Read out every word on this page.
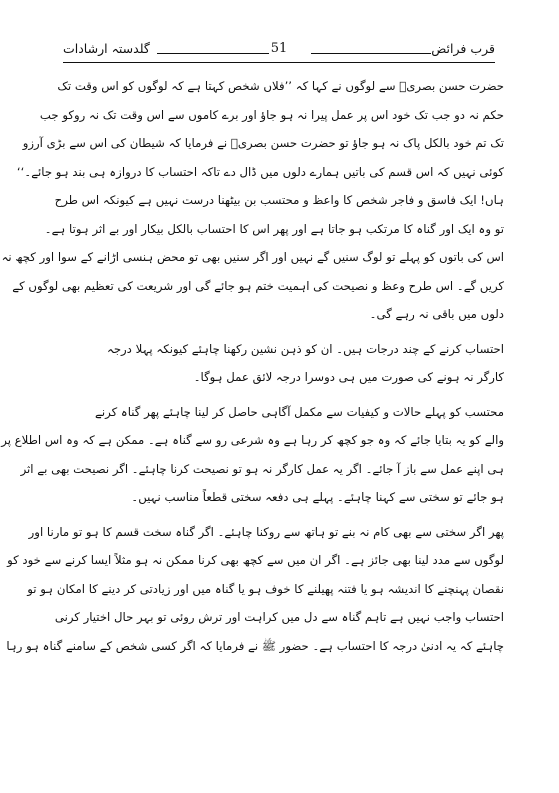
قرب فرائض
51
گلدستہ ارشادات
حضرت حسن بصریؒ سے لوگوں نے کہا کہ ’’فلاں شخص کہتا ہے کہ لوگوں کو اس وقت تک
حکم نہ دو جب تک خود اس پر عمل پیرا نہ ہو جاؤ اور برے کاموں سے اس وقت تک نہ روکو جب
تک تم خود بالکل پاک نہ ہو جاؤ تو حضرت حسن بصریؒ نے فرمایا کہ شیطان کی اس سے بڑی آرزو
کوئی نہیں کہ اس قسم کی باتیں ہمارے دلوں میں ڈال دے تاکہ احتساب کا دروازہ ہی بند ہو جائے۔‘‘
ہاں! ایک فاسق و فاجر شخص کا واعظ و محتسب بن بیٹھنا درست نہیں ہے کیونکہ اس طرح
تو وہ ایک اور گناہ کا مرتکب ہو جاتا ہے اور پھر اس کا احتساب بالکل بیکار اور بے اثر ہوتا ہے۔
اس کی باتوں کو پہلے تو لوگ سنیں گے نہیں اور اگر سنیں بھی تو محض ہنسی اڑانے کے سوا اور کچھ نہ
کریں گے۔ اس طرح وعظ و نصیحت کی اہمیت ختم ہو جائے گی اور شریعت کی تعظیم بھی لوگوں کے
دلوں میں باقی نہ رہے گی۔
احتساب کرنے کے چند درجات ہیں۔ ان کو ذہن نشین رکھنا چاہئے کیونکہ پہلا درجہ
کارگر نہ ہونے کی صورت میں ہی دوسرا درجہ لائق عمل ہوگا۔
محتسب کو پہلے حالات و کیفیات سے مکمل آگاہی حاصل کر لینا چاہئے پھر گناہ کرنے
والے کو یہ بتایا جائے کہ وہ جو کچھ کر رہا ہے وہ شرعی رو سے گناہ ہے۔ ممکن ہے کہ وہ اس اطلاع پر
ہی اپنے عمل سے باز آ جائے۔ اگر یہ عمل کارگر نہ ہو تو نصیحت کرنا چاہئے۔ اگر نصیحت بھی بے اثر
ہو جائے تو سختی سے کہنا چاہئے۔ پہلے ہی دفعہ سختی قطعاً مناسب نہیں۔
پھر اگر سختی سے بھی کام نہ بنے تو ہاتھ سے روکنا چاہئے۔ اگر گناہ سخت قسم کا ہو تو مارنا اور
لوگوں سے مدد لینا بھی جائز ہے۔ اگر ان میں سے کچھ بھی کرنا ممکن نہ ہو مثلاً ایسا کرنے سے خود کو
نقصان پہنچنے کا اندیشہ ہو یا فتنہ پھیلنے کا خوف ہو یا گناہ میں اور زیادتی کر دینے کا امکان ہو تو
احتساب واجب نہیں ہے تاہم گناہ سے دل میں کراہت اور ترش روئی تو بہر حال اختیار کرنی
چاہئے کہ یہ ادنیٰ درجہ کا احتساب ہے۔ حضور ﷺ نے فرمایا کہ اگر کسی شخص کے سامنے گناہ ہو رہا
